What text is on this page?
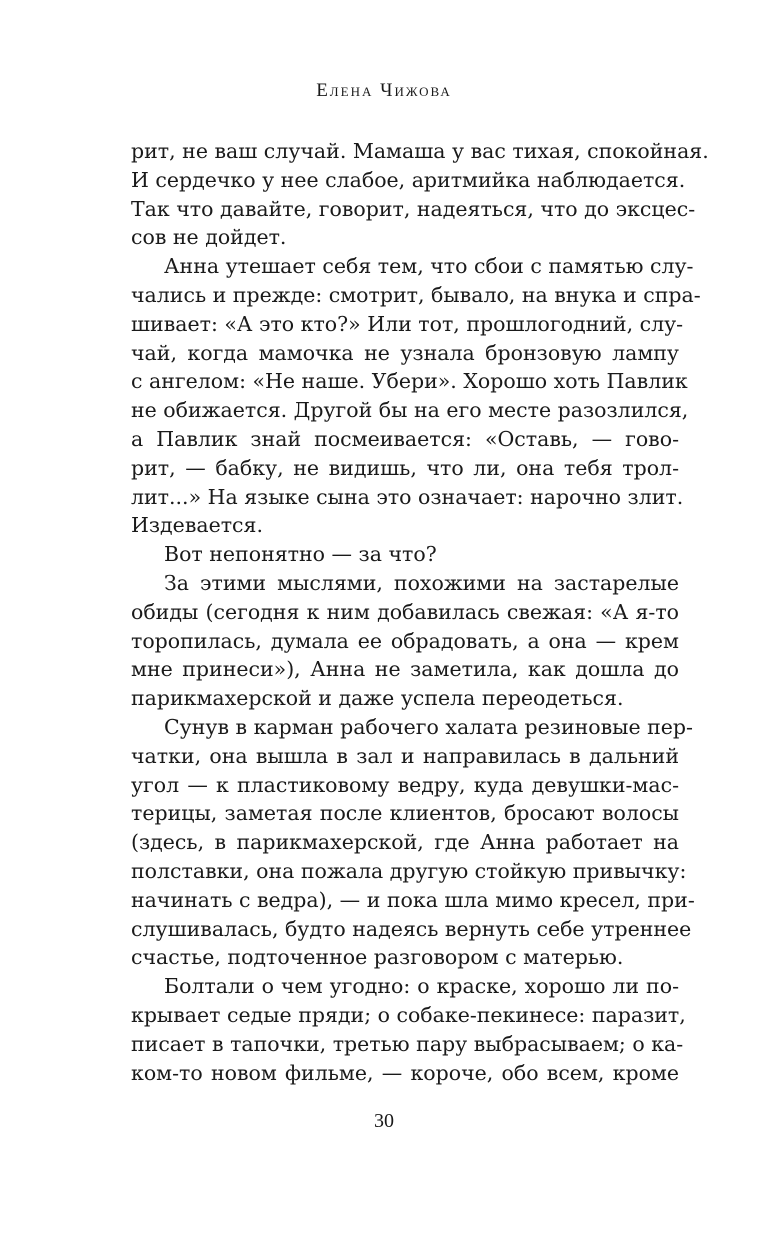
Елена Чижова
рит, не ваш случай. Мамаша у вас тихая, спокойная.
И сердечко у нее слабое, аритмийка наблюдается.
Так что давайте, говорит, надеяться, что до эксцес-
сов не дойдет.
Анна утешает себя тем, что сбои с памятью слу-
чались и прежде: смотрит, бывало, на внука и спра-
шивает: «А это кто?» Или тот, прошлогодний, слу-
чай, когда мамочка не узнала бронзовую лампу
с ангелом: «Не наше. Убери». Хорошо хоть Павлик
не обижается. Другой бы на его месте разозлился,
а Павлик знай посмеивается: «Оставь, — гово-
рит, — бабку, не видишь, что ли, она тебя трол-
лит...» На языке сына это означает: нарочно злит.
Издевается.
Вот непонятно — за что?
За этими мыслями, похожими на застарелые
обиды (сегодня к ним добавилась свежая: «А я-то
торопилась, думала ее обрадовать, а она — крем
мне принеси»), Анна не заметила, как дошла до
парикмахерской и даже успела переодеться.
Сунув в карман рабочего халата резиновые пер-
чатки, она вышла в зал и направилась в дальний
угол — к пластиковому ведру, куда девушки-мас-
терицы, заметая после клиентов, бросают волосы
(здесь, в парикмахерской, где Анна работает на
полставки, она пожала другую стойкую привычку:
начинать с ведра), — и пока шла мимо кресел, при-
слушивалась, будто надеясь вернуть себе утреннее
счастье, подточенное разговором с матерью.
Болтали о чем угодно: о краске, хорошо ли по-
крывает седые пряди; о собаке-пекинесе: паразит,
писает в тапочки, третью пару выбрасываем; о ка-
ком-то новом фильме, — короче, обо всем, кроме
30
